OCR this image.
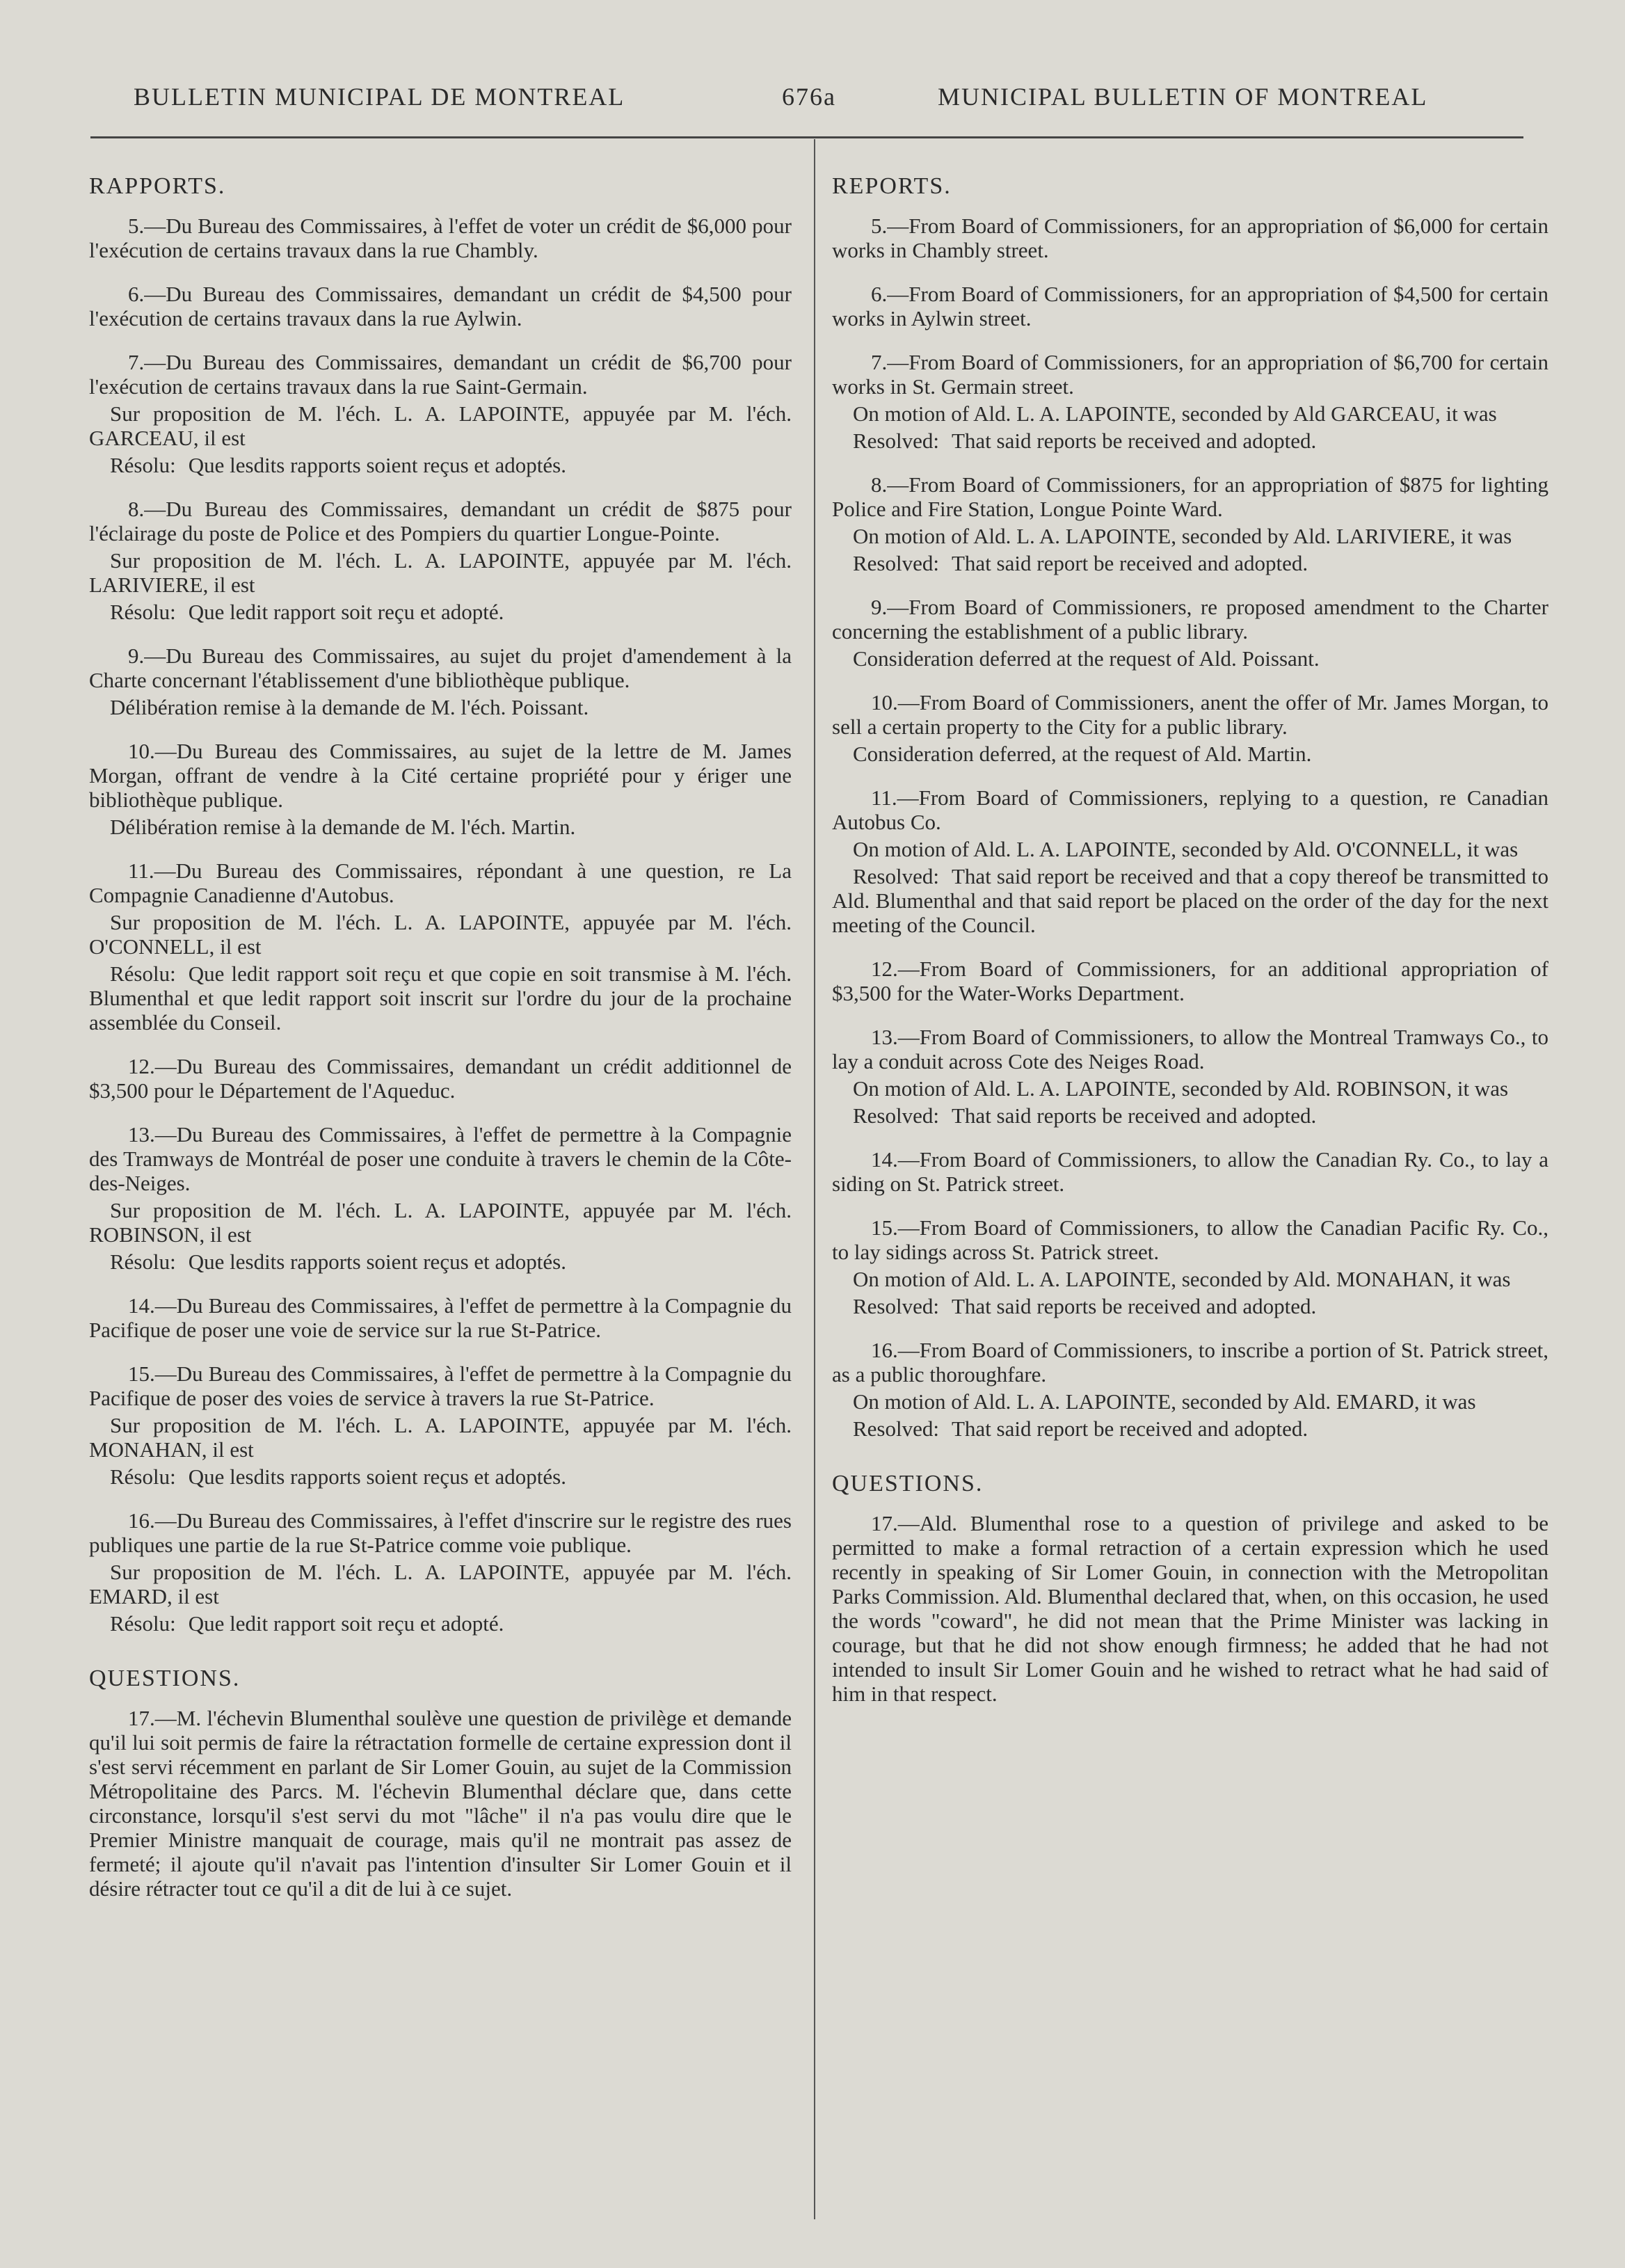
BULLETIN MUNICIPAL DE MONTREAL	676a	MUNICIPAL BULLETIN OF MONTREAL
RAPPORTS.

5.—Du Bureau des Commissaires, à l'effet de voter un crédit de $6,000 pour l'exécution de certains travaux dans la rue Chambly.

6.—Du Bureau des Commissaires, demandant un crédit de $4,500 pour l'exécution de certains travaux dans la rue Aylwin.

7.—Du Bureau des Commissaires, demandant un crédit de $6,700 pour l'exécution de certains travaux dans la rue Saint-Germain.

Sur proposition de M. l'éch. L. A. LAPOINTE, appuyée par M. l'éch. GARCEAU, il est

Résolu: Que lesdits rapports soient reçus et adoptés.

8.—Du Bureau des Commissaires, demandant un crédit de $875 pour l'éclairage du poste de Police et des Pompiers du quartier Longue-Pointe.

Sur proposition de M. l'éch. L. A. LAPOINTE, appuyée par M. l'éch. LARIVIERE, il est

Résolu: Que ledit rapport soit reçu et adopté.

9.—Du Bureau des Commissaires, au sujet du projet d'amendement à la Charte concernant l'établissement d'une bibliothèque publique.

Délibération remise à la demande de M. l'éch. Poissant.

10.—Du Bureau des Commissaires, au sujet de la lettre de M. James Morgan, offrant de vendre à la Cité certaine propriété pour y ériger une bibliothèque publique.

Délibération remise à la demande de M. l'éch. Martin.

11.—Du Bureau des Commissaires, répondant à une question, re La Compagnie Canadienne d'Autobus.

Sur proposition de M. l'éch. L. A. LAPOINTE, appuyée par M. l'éch. O'CONNELL, il est

Résolu: Que ledit rapport soit reçu et que copie en soit transmise à M. l'éch. Blumenthal et que ledit rapport soit inscrit sur l'ordre du jour de la prochaine assemblée du Conseil.

12.—Du Bureau des Commissaires, demandant un crédit additionnel de $3,500 pour le Département de l'Aqueduc.

13.—Du Bureau des Commissaires, à l'effet de permettre à la Compagnie des Tramways de Montréal de poser une conduite à travers le chemin de la Côte-des-Neiges.

Sur proposition de M. l'éch. L. A. LAPOINTE, appuyée par M. l'éch. ROBINSON, il est

Résolu: Que lesdits rapports soient reçus et adoptés.

14.—Du Bureau des Commissaires, à l'effet de permettre à la Compagnie du Pacifique de poser une voie de service sur la rue St-Patrice.

15.—Du Bureau des Commissaires, à l'effet de permettre à la Compagnie du Pacifique de poser des voies de service à travers la rue St-Patrice.

Sur proposition de M. l'éch. L. A. LAPOINTE, appuyée par M. l'éch. MONAHAN, il est

Résolu: Que lesdits rapports soient reçus et adoptés.

16.—Du Bureau des Commissaires, à l'effet d'inscrire sur le registre des rues publiques une partie de la rue St-Patrice comme voie publique.

Sur proposition de M. l'éch. L. A. LAPOINTE, appuyée par M. l'éch. EMARD, il est

Résolu: Que ledit rapport soit reçu et adopté.

QUESTIONS.

17.—M. l'échevin Blumenthal soulève une question de privilège et demande qu'il lui soit permis de faire la rétractation formelle de certaine expression dont il s'est servi récemment en parlant de Sir Lomer Gouin, au sujet de la Commission Métropolitaine des Parcs. M. l'échevin Blumenthal déclare que, dans cette circonstance, lorsqu'il s'est servi du mot "lâche" il n'a pas voulu dire que le Premier Ministre manquait de courage, mais qu'il ne montrait pas assez de fermeté; il ajoute qu'il n'avait pas l'intention d'insulter Sir Lomer Gouin et il désire rétracter tout ce qu'il a dit de lui à ce sujet.

REPORTS.

5.—From Board of Commissioners, for an appropriation of $6,000 for certain works in Chambly street.

6.—From Board of Commissioners, for an appropriation of $4,500 for certain works in Aylwin street.

7.—From Board of Commissioners, for an appropriation of $6,700 for certain works in St. Germain street.

On motion of Ald. L. A. LAPOINTE, seconded by Ald GARCEAU, it was

Resolved: That said reports be received and adopted.

8.—From Board of Commissioners, for an appropriation of $875 for lighting Police and Fire Station, Longue Pointe Ward.

On motion of Ald. L. A. LAPOINTE, seconded by Ald. LARIVIERE, it was

Resolved: That said report be received and adopted.

9.—From Board of Commissioners, re proposed amendment to the Charter concerning the establishment of a public library.

Consideration deferred at the request of Ald. Poissant.

10.—From Board of Commissioners, anent the offer of Mr. James Morgan, to sell a certain property to the City for a public library.

Consideration deferred, at the request of Ald. Martin.

11.—From Board of Commissioners, replying to a question, re Canadian Autobus Co.

On motion of Ald. L. A. LAPOINTE, seconded by Ald. O'CONNELL, it was

Resolved: That said report be received and that a copy thereof be transmitted to Ald. Blumenthal and that said report be placed on the order of the day for the next meeting of the Council.

12.—From Board of Commissioners, for an additional appropriation of $3,500 for the Water-Works Department.

13.—From Board of Commissioners, to allow the Montreal Tramways Co., to lay a conduit across Cote des Neiges Road.

On motion of Ald. L. A. LAPOINTE, seconded by Ald. ROBINSON, it was

Resolved: That said reports be received and adopted.

14.—From Board of Commissioners, to allow the Canadian Ry. Co., to lay a siding on St. Patrick street.

15.—From Board of Commissioners, to allow the Canadian Pacific Ry. Co., to lay sidings across St. Patrick street.

On motion of Ald. L. A. LAPOINTE, seconded by Ald. MONAHAN, it was

Resolved: That said reports be received and adopted.

16.—From Board of Commissioners, to inscribe a portion of St. Patrick street, as a public thoroughfare.

On motion of Ald. L. A. LAPOINTE, seconded by Ald. EMARD, it was

Resolved: That said report be received and adopted.

QUESTIONS.

17.—Ald. Blumenthal rose to a question of privilege and asked to be permitted to make a formal retraction of a certain expression which he used recently in speaking of Sir Lomer Gouin, in connection with the Metropolitan Parks Commission. Ald. Blumenthal declared that, when, on this occasion, he used the words "coward", he did not mean that the Prime Minister was lacking in courage, but that he did not show enough firmness; he added that he had not intended to insult Sir Lomer Gouin and he wished to retract what he had said of him in that respect.
